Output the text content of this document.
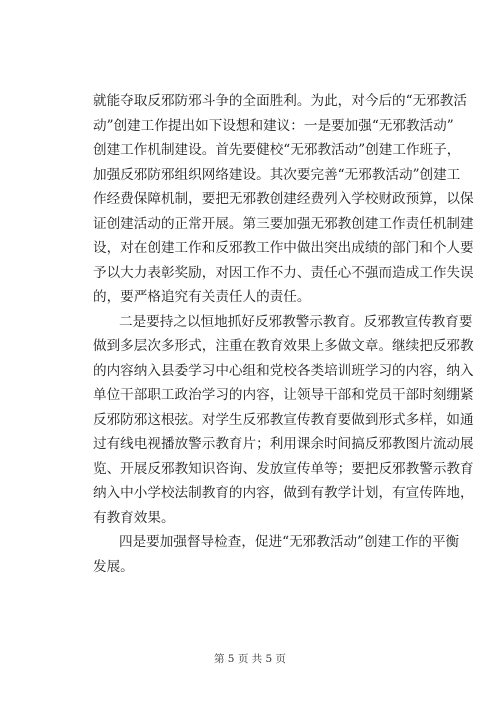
就能夺取反邪防邪斗争的全面胜利。为此，对今后的“无邪教活
动”创建工作提出如下设想和建议：一是要加强“无邪教活动”
创建工作机制建设。首先要健校“无邪教活动”创建工作班子，
加强反邪防邪组织网络建设。其次要完善“无邪教活动”创建工
作经费保障机制，要把无邪教创建经费列入学校财政预算，以保
证创建活动的正常开展。第三要加强无邪教创建工作责任机制建
设，对在创建工作和反邪教工作中做出突出成绩的部门和个人要
予以大力表彰奖励，对因工作不力、责任心不强而造成工作失误
的，要严格追究有关责任人的责任。
二是要持之以恒地抓好反邪教警示教育。反邪教宣传教育要
做到多层次多形式，注重在教育效果上多做文章。继续把反邪教
的内容纳入县委学习中心组和党校各类培训班学习的内容，纳入
单位干部职工政治学习的内容，让领导干部和党员干部时刻绷紧
反邪防邪这根弦。对学生反邪教宣传教育要做到形式多样，如通
过有线电视播放警示教育片；利用课余时间搞反邪教图片流动展
览、开展反邪教知识咨询、发放宣传单等；要把反邪教警示教育
纳入中小学校法制教育的内容，做到有教学计划，有宣传阵地，
有教育效果。
四是要加强督导检查，促进“无邪教活动”创建工作的平衡
发展。
第 5 页 共 5 页
